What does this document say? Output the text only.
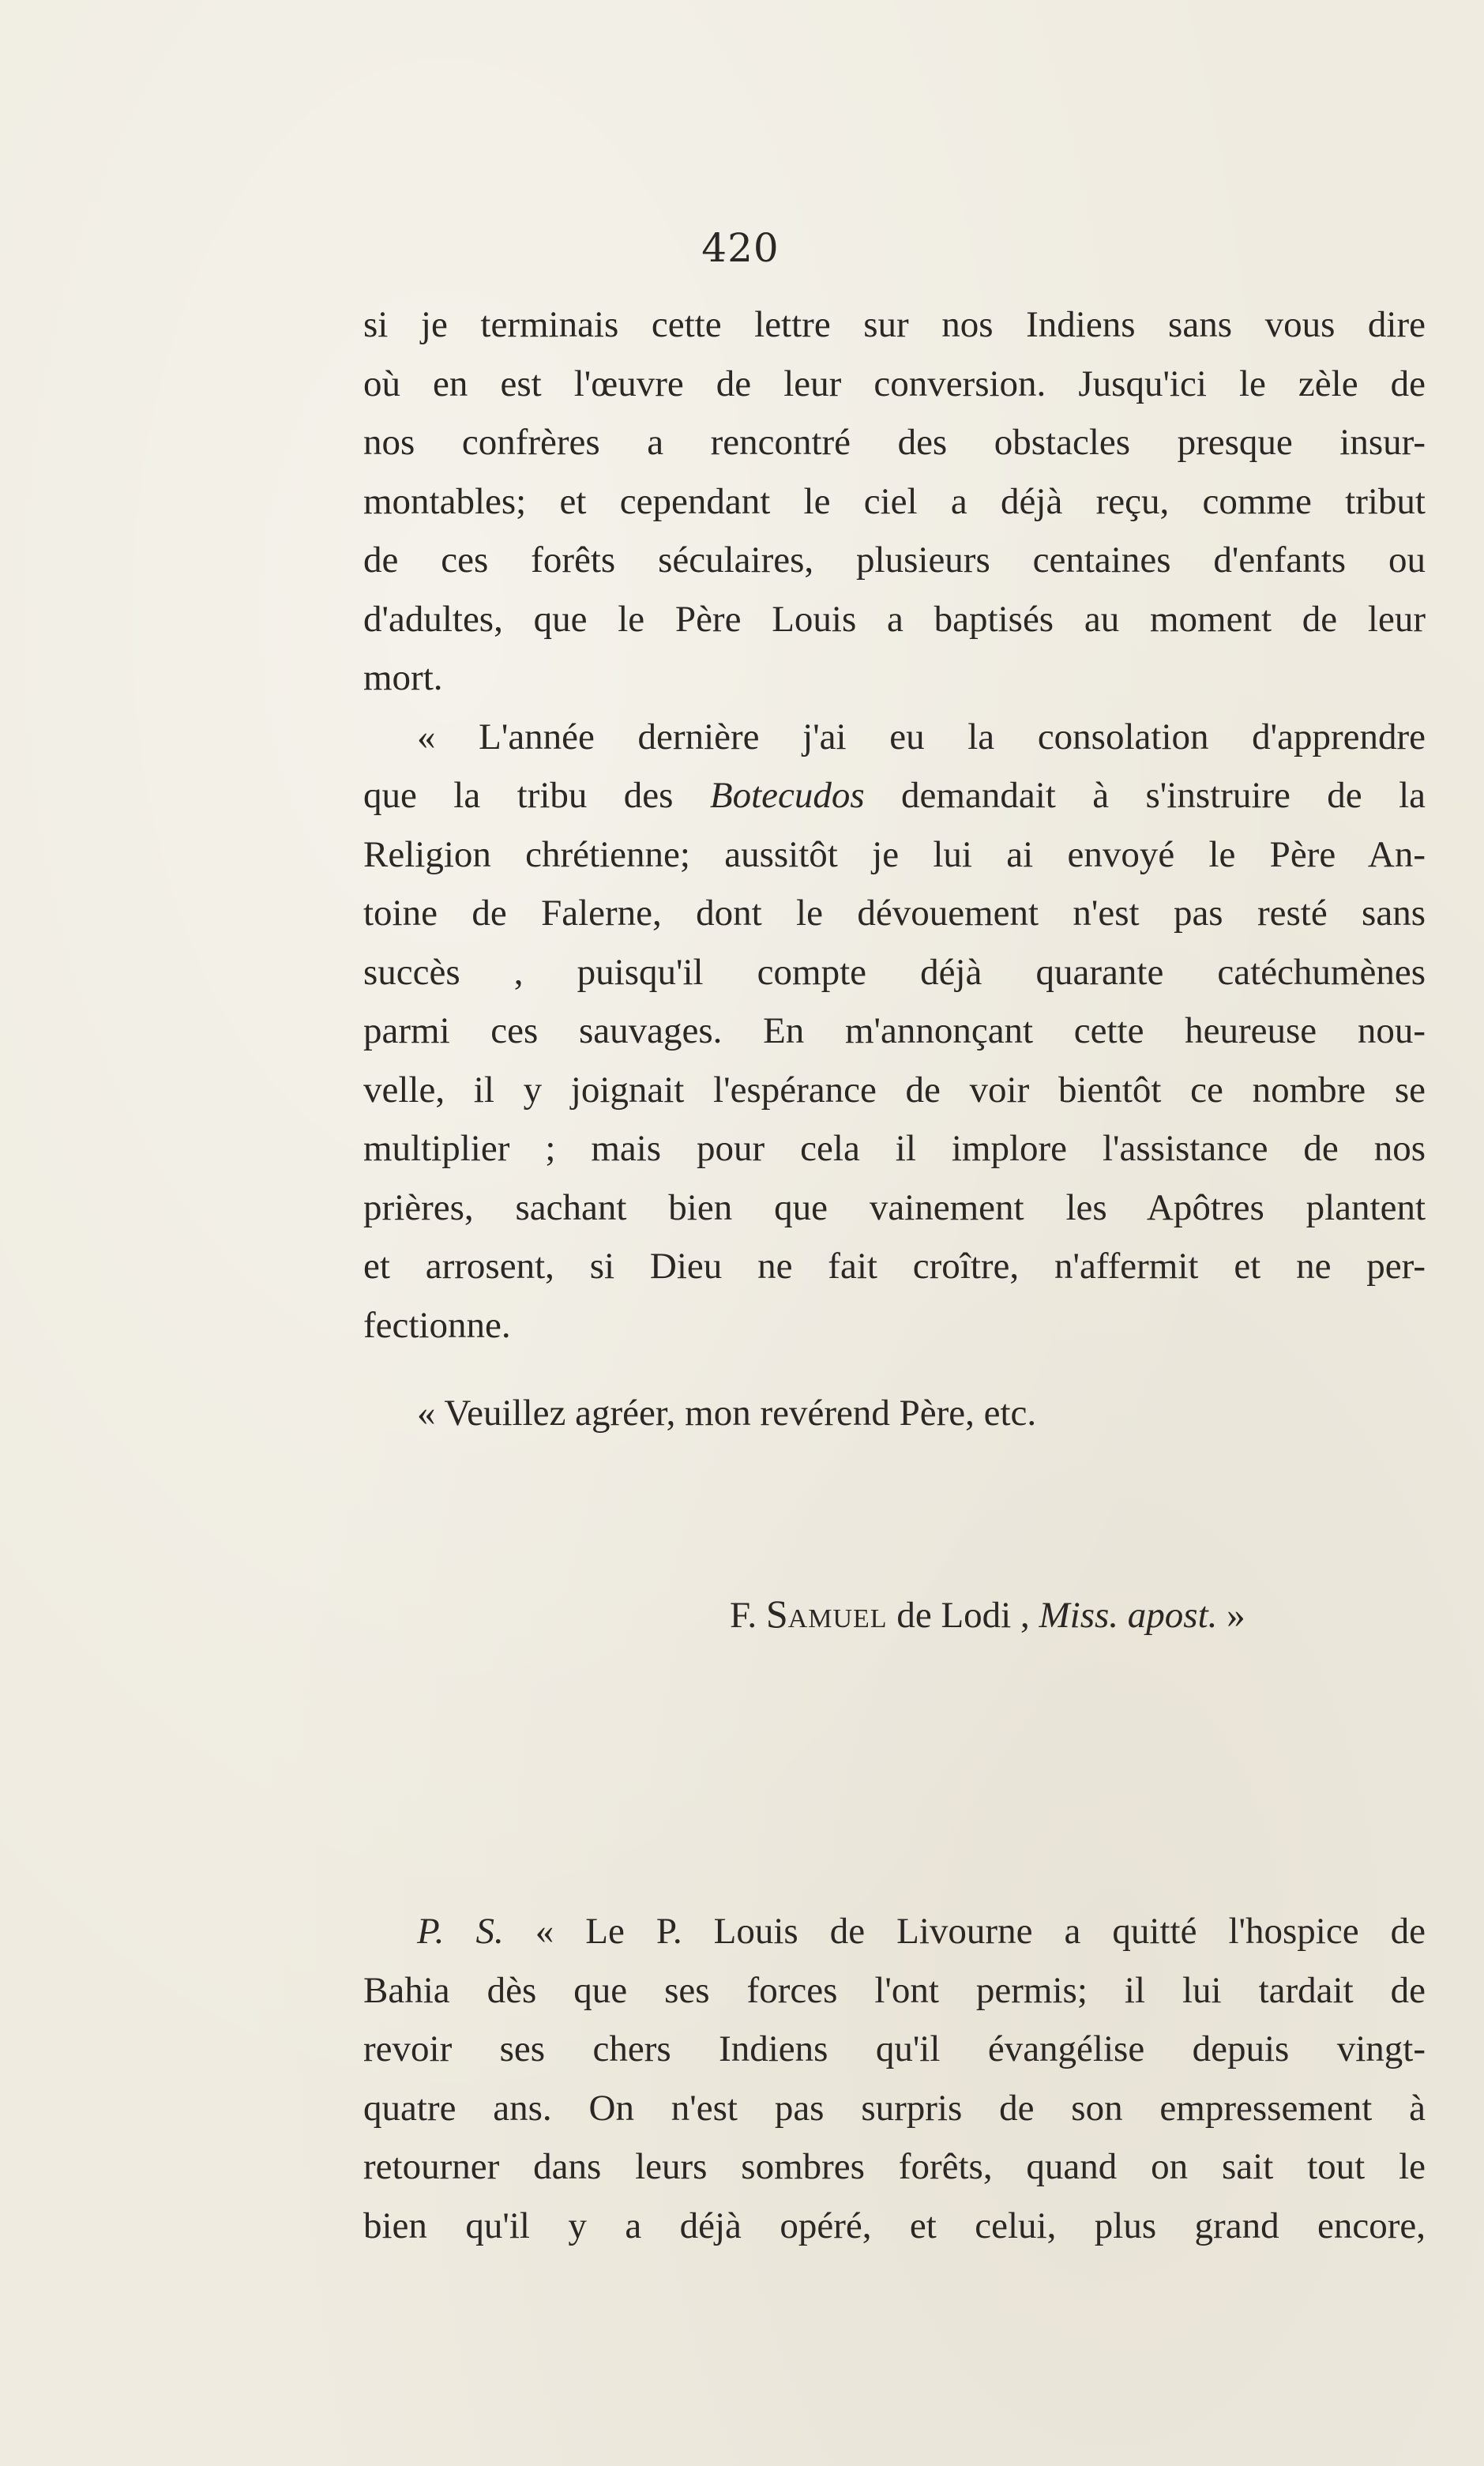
420
si je terminais cette lettre sur nos Indiens sans vous dire
où en est l'œuvre de leur conversion. Jusqu'ici le zèle de
nos confrères a rencontré des obstacles presque insur-
montables; et cependant le ciel a déjà reçu, comme tribut
de ces forêts séculaires, plusieurs centaines d'enfants ou
d'adultes, que le Père Louis a baptisés au moment de leur
mort.
« L'année dernière j'ai eu la consolation d'apprendre
que la tribu des Botecudos demandait à s'instruire de la
Religion chrétienne; aussitôt je lui ai envoyé le Père An-
toine de Falerne, dont le dévouement n'est pas resté sans
succès , puisqu'il compte déjà quarante catéchumènes
parmi ces sauvages. En m'annonçant cette heureuse nou-
velle, il y joignait l'espérance de voir bientôt ce nombre se
multiplier ; mais pour cela il implore l'assistance de nos
prières, sachant bien que vainement les Apôtres plantent
et arrosent, si Dieu ne fait croître, n'affermit et ne per-
fectionne.
« Veuillez agréer, mon revérend Père, etc.
F. SAMUEL de Lodi , Miss. apost. »
P. S. « Le P. Louis de Livourne a quitté l'hospice de
Bahia dès que ses forces l'ont permis; il lui tardait de
revoir ses chers Indiens qu'il évangélise depuis vingt-
quatre ans. On n'est pas surpris de son empressement à
retourner dans leurs sombres forêts, quand on sait tout le
bien qu'il y a déjà opéré, et celui, plus grand encore,
